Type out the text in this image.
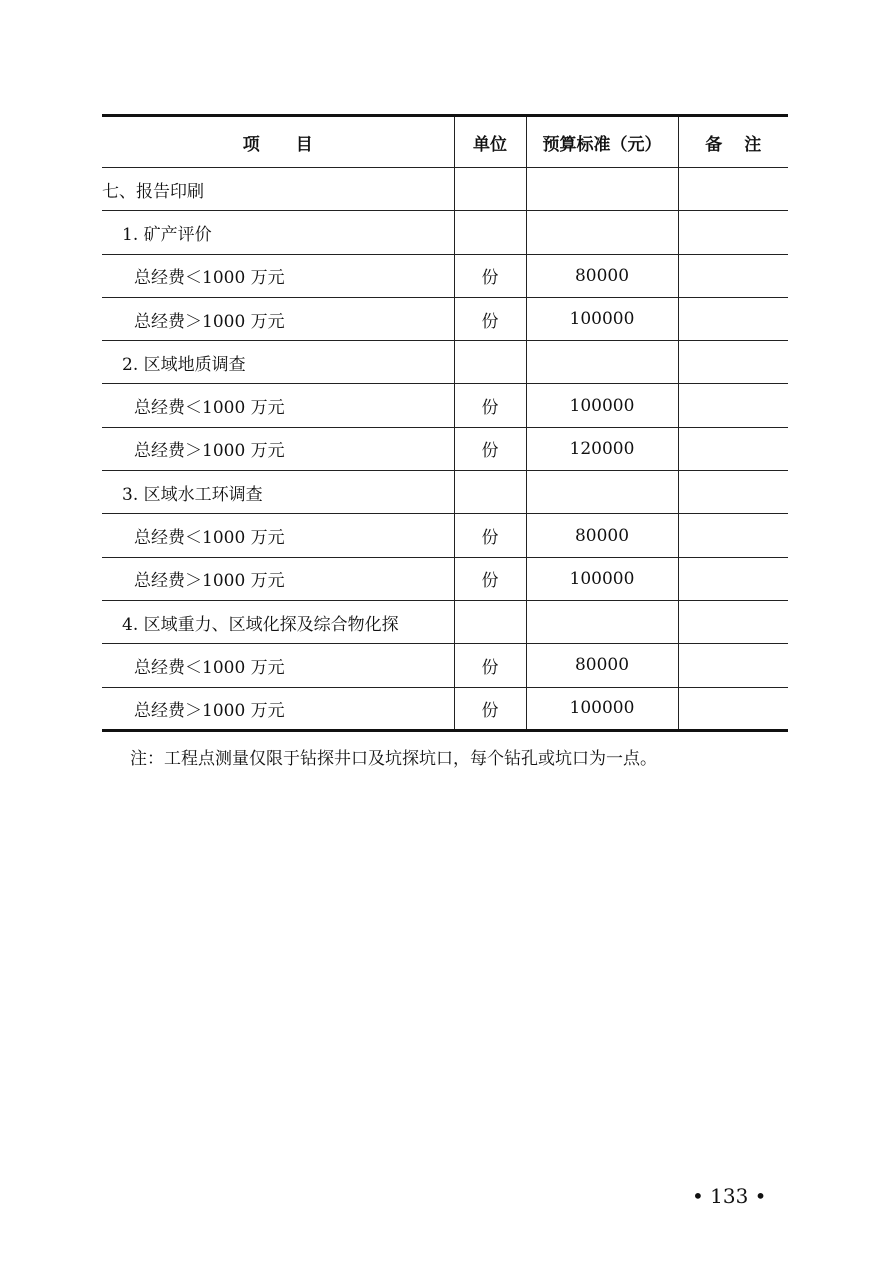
项 目	单位	预算标准（元）	备 注
七、报告印刷			
1. 矿产评价			
总经费＜1000 万元	份	80000	
总经费＞1000 万元	份	100000	
2. 区域地质调查			
总经费＜1000 万元	份	100000	
总经费＞1000 万元	份	120000	
3. 区域水工环调查			
总经费＜1000 万元	份	80000	
总经费＞1000 万元	份	100000	
4. 区域重力、区域化探及综合物化探			
总经费＜1000 万元	份	80000	
总经费＞1000 万元	份	100000	
注：工程点测量仅限于钻探井口及坑探坑口，每个钻孔或坑口为一点。
• 133 •
